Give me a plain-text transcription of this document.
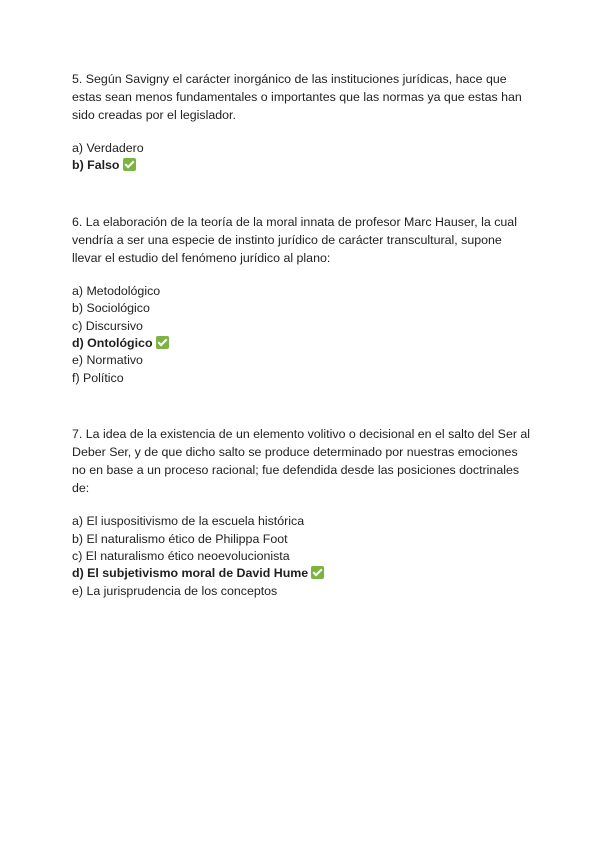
5. Según Savigny el carácter inorgánico de las instituciones jurídicas, hace que estas sean menos fundamentales o importantes que las normas ya que estas han sido creadas por el legislador.

a) Verdadero
b) Falso

6. La elaboración de la teoría de la moral innata de profesor Marc Hauser, la cual vendría a ser una especie de instinto jurídico de carácter transcultural, supone llevar el estudio del fenómeno jurídico al plano:

a) Metodológico
b) Sociológico
c) Discursivo
d) Ontológico
e) Normativo
f) Político

7. La idea de la existencia de un elemento volitivo o decisional en el salto del Ser al Deber Ser, y de que dicho salto se produce determinado por nuestras emociones no en base a un proceso racional; fue defendida desde las posiciones doctrinales de:

a) El iuspositivismo de la escuela histórica
b) El naturalismo ético de Philippa Foot
c) El naturalismo ético neoevolucionista
d) El subjetivismo moral de David Hume
e) La jurisprudencia de los conceptos
